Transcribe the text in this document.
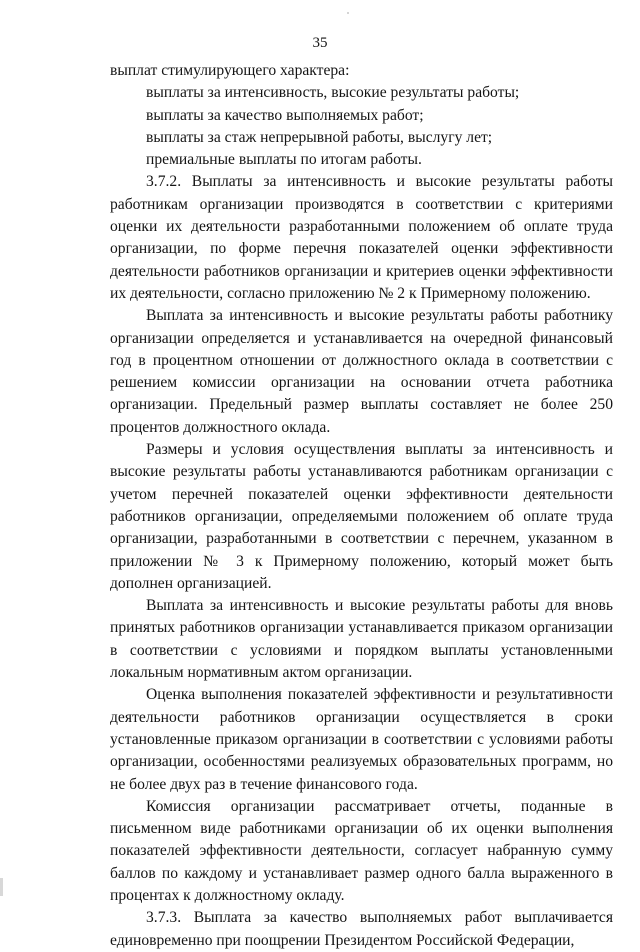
35

выплат стимулирующего характера:

выплаты за интенсивность, высокие результаты работы;

выплаты за качество выполняемых работ;

выплаты за стаж непрерывной работы, выслугу лет;

премиальные выплаты по итогам работы.

3.7.2. Выплаты за интенсивность и высокие результаты работы работникам организации производятся в соответствии с критериями оценки их деятельности разработанными положением об оплате труда организации, по форме перечня показателей оценки эффективности деятельности работников организации и критериев оценки эффективности их деятельности, согласно приложению № 2 к Примерному положению.

Выплата за интенсивность и высокие результаты работы работнику организации определяется и устанавливается на очередной финансовый год в процентном отношении от должностного оклада в соответствии с решением комиссии организации на основании отчета работника организации. Предельный размер выплаты составляет не более 250 процентов должностного оклада.

Размеры и условия осуществления выплаты за интенсивность и высокие результаты работы устанавливаются работникам организации с учетом перечней показателей оценки эффективности деятельности работников организации, определяемыми положением об оплате труда организации, разработанными в соответствии с перечнем, указанном в приложении № 3 к Примерному положению, который может быть дополнен организацией.

Выплата за интенсивность и высокие результаты работы для вновь принятых работников организации устанавливается приказом организации в соответствии с условиями и порядком выплаты установленными локальным нормативным актом организации.

Оценка выполнения показателей эффективности и результативности деятельности работников организации осуществляется в сроки установленные приказом организации в соответствии с условиями работы организации, особенностями реализуемых образовательных программ, но не более двух раз в течение финансового года.

Комиссия организации рассматривает отчеты, поданные в письменном виде работниками организации об их оценки выполнения показателей эффективности деятельности, согласует набранную сумму баллов по каждому и устанавливает размер одного балла выраженного в процентах к должностному окладу.

3.7.3. Выплата за качество выполняемых работ выплачивается единовременно при поощрении Президентом Российской Федерации,
